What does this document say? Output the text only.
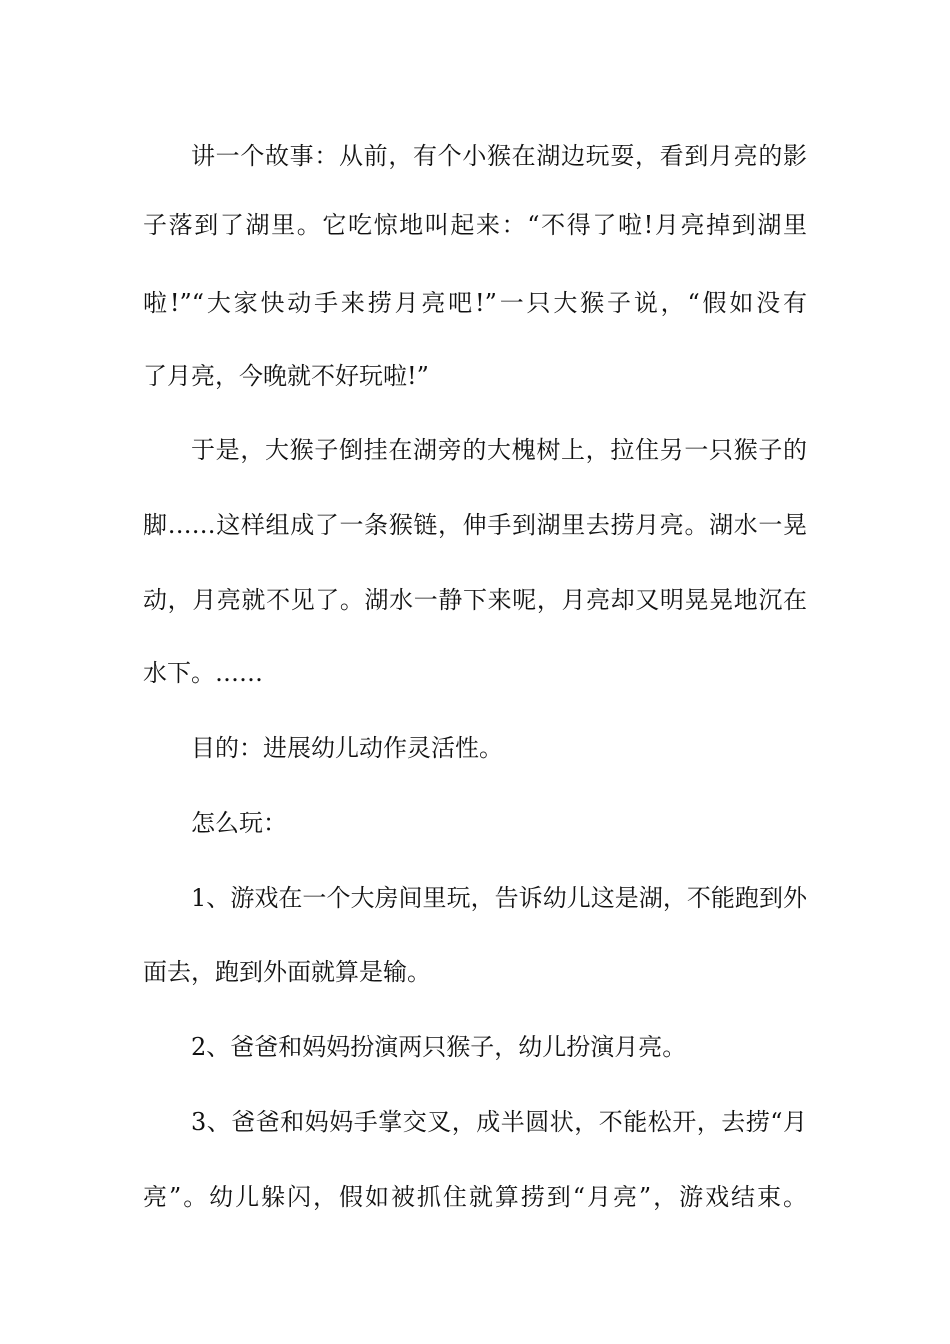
讲一个故事：从前，有个小猴在湖边玩耍，看到月亮的影
子落到了湖里。它吃惊地叫起来：“不得了啦!月亮掉到湖里
啦!”“大家快动手来捞月亮吧!”一只大猴子说，“假如没有
了月亮，今晚就不好玩啦!”
于是，大猴子倒挂在湖旁的大槐树上，拉住另一只猴子的
脚……这样组成了一条猴链，伸手到湖里去捞月亮。湖水一晃
动，月亮就不见了。湖水一静下来呢，月亮却又明晃晃地沉在
水下。……
目的：进展幼儿动作灵活性。
怎么玩：
1、游戏在一个大房间里玩，告诉幼儿这是湖，不能跑到外
面去，跑到外面就算是输。
2、爸爸和妈妈扮演两只猴子，幼儿扮演月亮。
3、爸爸和妈妈手掌交叉，成半圆状，不能松开，去捞“月
亮”。幼儿躲闪，假如被抓住就算捞到“月亮”，游戏结束。
